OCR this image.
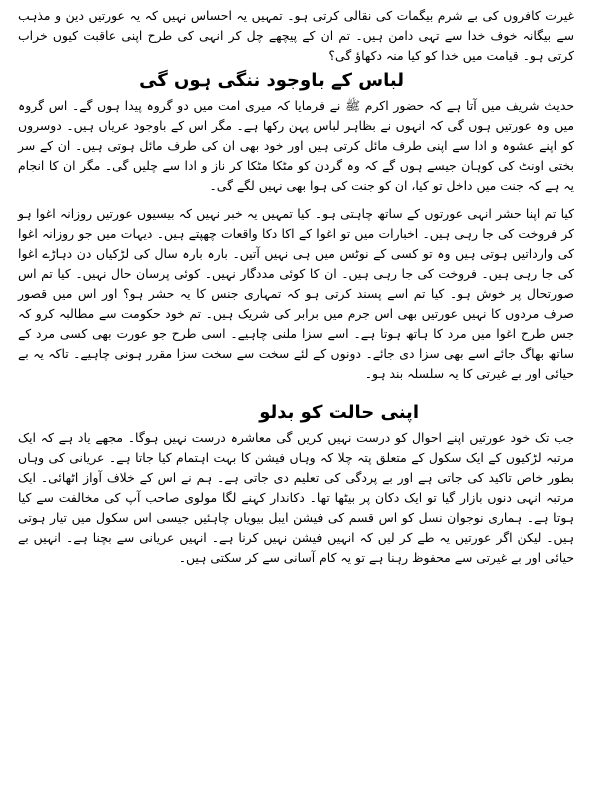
غیرت کافروں کی بے شرم بیگمات کی نقالی کرتی ہو۔ تمہیں یہ احساس نہیں کہ یہ عورتیں دین و مذہب سے بیگانہ خوف خدا سے تہی دامن ہیں۔ تم ان کے پیچھے چل کر انہی کی طرح اپنی عاقبت کیوں خراب کرتی ہو۔ قیامت میں خدا کو کیا منہ دکھاؤ گی؟

لباس کے باوجود ننگی ہوں گی

حدیث شریف میں آتا ہے کہ حضور اکرم ﷺ نے فرمایا کہ میری امت میں دو گروہ پیدا ہوں گے۔ اس گروہ میں وہ عورتیں ہوں گی کہ انہوں نے بظاہر لباس پہن رکھا ہے۔ مگر اس کے باوجود عریاں ہیں۔ دوسروں کو اپنے عشوہ و ادا سے اپنی طرف مائل کرتی ہیں اور خود بھی ان کی طرف مائل ہوتی ہیں۔ ان کے سر بختی اونٹ کی کوہان جیسے ہوں گے کہ وہ گردن کو مٹکا مٹکا کر ناز و ادا سے چلیں گی۔ مگر ان کا انجام یہ ہے کہ جنت میں داخل تو کیا، ان کو جنت کی ہوا بھی نہیں لگے گی۔

کیا تم اپنا حشر انہی عورتوں کے ساتھ چاہتی ہو۔ کیا تمہیں یہ خبر نہیں کہ بیسیوں عورتیں روزانہ اغوا ہو کر فروخت کی جا رہی ہیں۔ اخبارات میں تو اغوا کے اکا دکا واقعات چھپتے ہیں۔ دیہات میں جو روزانہ اغوا کی وارداتیں ہوتی ہیں وہ تو کسی کے نوٹس میں ہی نہیں آتیں۔ بارہ بارہ سال کی لڑکیاں دن دہاڑے اغوا کی جا رہی ہیں۔ فروخت کی جا رہی ہیں۔ ان کا کوئی مددگار نہیں۔ کوئی پرسان حال نہیں۔ کیا تم اس صورتحال پر خوش ہو۔ کیا تم اسے پسند کرتی ہو کہ تمہاری جنس کا یہ حشر ہو؟ اور اس میں قصور صرف مردوں کا نہیں عورتیں بھی اس جرم میں برابر کی شریک ہیں۔ تم خود حکومت سے مطالبہ کرو کہ جس طرح اغوا میں مرد کا ہاتھ ہوتا ہے۔ اسے سزا ملنی چاہیے۔ اسی طرح جو عورت بھی کسی مرد کے ساتھ بھاگ جائے اسے بھی سزا دی جائے۔ دونوں کے لئے سخت سے سخت سزا مقرر ہونی چاہیے۔ تاکہ یہ بے حیائی اور بے غیرتی کا یہ سلسلہ بند ہو۔

اپنی حالت کو بدلو

جب تک خود عورتیں اپنے احوال کو درست نہیں کریں گی معاشرہ درست نہیں ہوگا۔ مجھے یاد ہے کہ ایک مرتبہ لڑکیوں کے ایک سکول کے متعلق پتہ چلا کہ وہاں فیشن کا بہت اہتمام کیا جاتا ہے۔ عریانی کی وہاں بطور خاص تاکید کی جاتی ہے اور بے پردگی کی تعلیم دی جاتی ہے۔ ہم نے اس کے خلاف آواز اٹھائی۔ ایک مرتبہ انہی دنوں بازار گیا تو ایک دکان پر بیٹھا تھا۔ دکاندار کہنے لگا مولوی صاحب آپ کی مخالفت سے کیا ہوتا ہے۔ ہماری نوجوان نسل کو اس قسم کی فیشن ایبل بیویاں چاہئیں جیسی اس سکول میں تیار ہوتی ہیں۔ لیکن اگر عورتیں یہ طے کر لیں کہ انہیں فیشن نہیں کرنا ہے۔ انہیں عریانی سے بچنا ہے۔ انہیں بے حیائی اور بے غیرتی سے محفوظ رہنا ہے تو یہ کام آسانی سے کر سکتی ہیں۔
